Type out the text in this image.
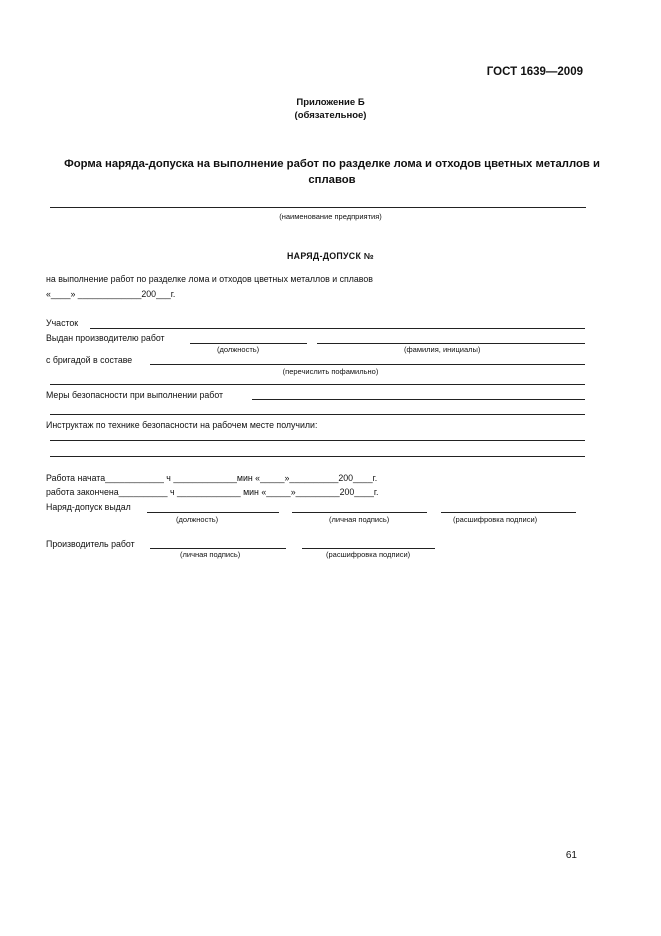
ГОСТ 1639—2009
Приложение Б
(обязательное)
Форма наряда-допуска на выполнение работ по разделке лома и отходов цветных металлов и сплавов
(наименование предприятия)
НАРЯД-ДОПУСК №
на выполнение работ по разделке лома и отходов цветных металлов и сплавов
«____» _____________200___г.
Участок
Выдан производителю работ
(должность)	(фамилия, инициалы)
с бригадой в составе
(перечислить пофамильно)
Меры безопасности при выполнении работ
Инструктаж по технике безопасности на рабочем месте получили:
Работа начата____________ ч _____________мин «_____»__________200____г.
работа закончена__________ ч _____________ мин «_____»_________200____г.
Наряд-допуск выдал
(должность)	(личная подпись)	(расшифровка подписи)
Производитель работ
(личная подпись)	(расшифровка подписи)
61
